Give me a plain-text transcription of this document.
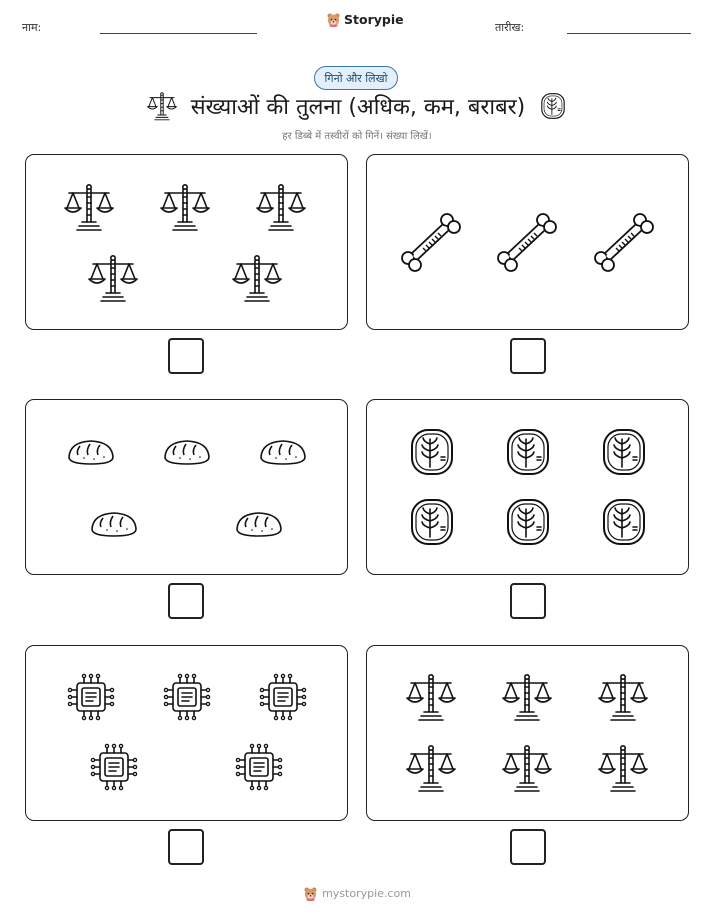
नाम:
Storypie
तारीख:
गिनो और लिखो
संख्याओं की तुलना (अधिक, कम, बराबर)
हर डिब्बे में तस्वीरों को गिनें। संख्या लिखें।
mystorypie.com
